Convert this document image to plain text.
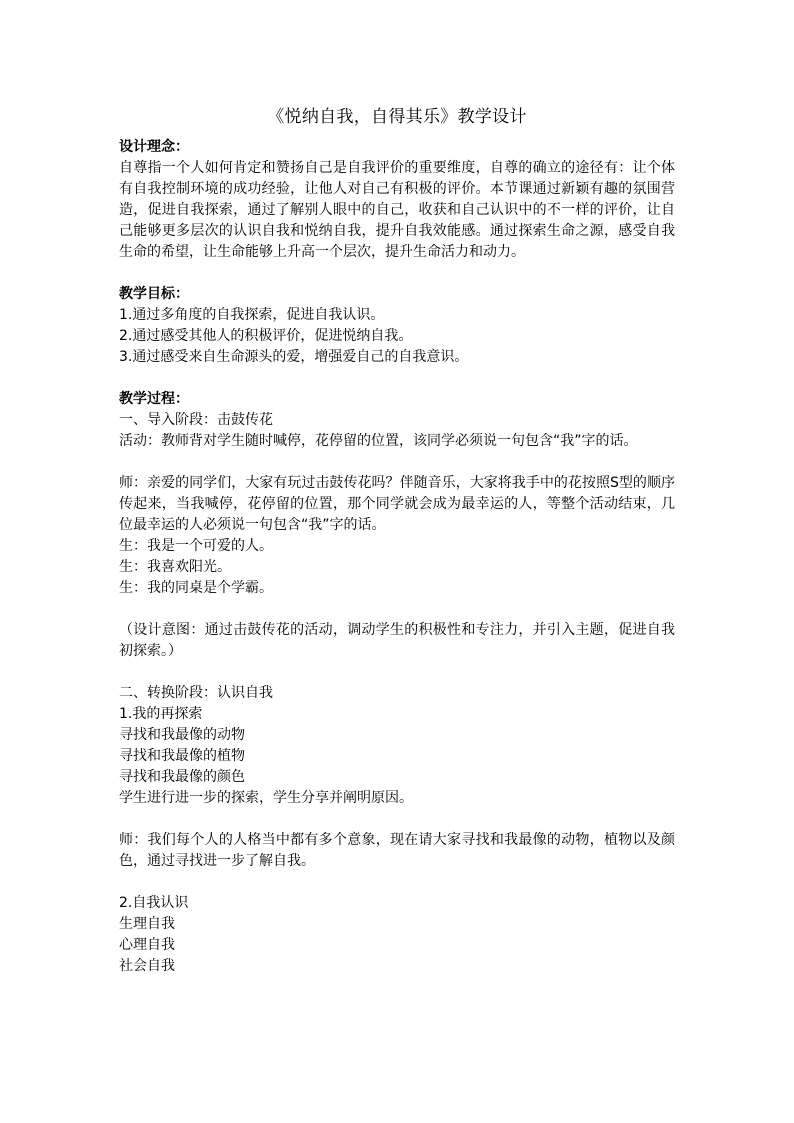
《悦纳自我，自得其乐》教学设计

设计理念：

自尊指一个人如何肯定和赞扬自己是自我评价的重要维度，自尊的确立的途径有：让个体有自我控制环境的成功经验，让他人对自己有积极的评价。本节课通过新颖有趣的氛围营造，促进自我探索，通过了解别人眼中的自己，收获和自己认识中的不一样的评价，让自己能够更多层次的认识自我和悦纳自我，提升自我效能感。通过探索生命之源，感受自我生命的希望，让生命能够上升高一个层次，提升生命活力和动力。

教学目标：

1.通过多角度的自我探索，促进自我认识。

2.通过感受其他人的积极评价，促进悦纳自我。

3.通过感受来自生命源头的爱，增强爱自己的自我意识。

教学过程：

一、导入阶段：击鼓传花

活动：教师背对学生随时喊停，花停留的位置，该同学必须说一句包含“我”字的话。

师：亲爱的同学们，大家有玩过击鼓传花吗？伴随音乐，大家将我手中的花按照S型的顺序传起来，当我喊停，花停留的位置，那个同学就会成为最幸运的人，等整个活动结束，几位最幸运的人必须说一句包含“我”字的话。

生：我是一个可爱的人。

生：我喜欢阳光。

生：我的同桌是个学霸。

（设计意图：通过击鼓传花的活动，调动学生的积极性和专注力，并引入主题，促进自我初探索。）

二、转换阶段：认识自我

1.我的再探索

寻找和我最像的动物

寻找和我最像的植物

寻找和我最像的颜色

学生进行进一步的探索，学生分享并阐明原因。

师：我们每个人的人格当中都有多个意象，现在请大家寻找和我最像的动物，植物以及颜色，通过寻找进一步了解自我。

2.自我认识

生理自我

心理自我

社会自我
